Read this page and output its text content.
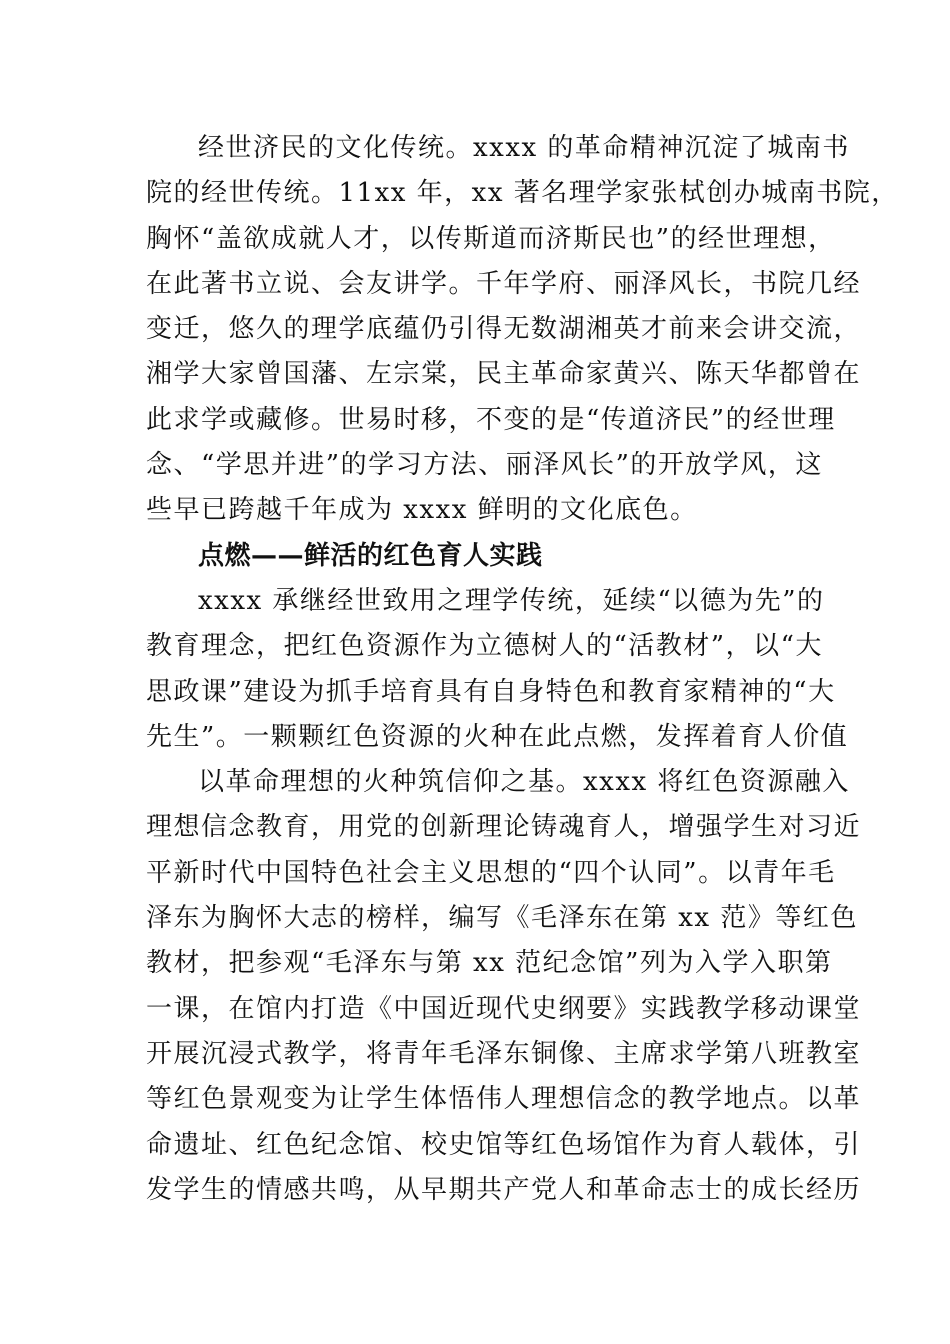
经世济民的文化传统。xxxx 的革命精神沉淀了城南书
院的经世传统。11xx 年，xx 著名理学家张栻创办城南书院，
胸怀“盖欲成就人才，以传斯道而济斯民也”的经世理想，
在此著书立说、会友讲学。千年学府、丽泽风长，书院几经
变迁，悠久的理学底蕴仍引得无数湖湘英才前来会讲交流，
湘学大家曾国藩、左宗棠，民主革命家黄兴、陈天华都曾在
此求学或藏修。世易时移，不变的是“传道济民”的经世理
念、“学思并进”的学习方法、丽泽风长”的开放学风，这
些早已跨越千年成为 xxxx 鲜明的文化底色。
点燃——鲜活的红色育人实践
xxxx 承继经世致用之理学传统，延续“以德为先”的
教育理念，把红色资源作为立德树人的“活教材”，以“大
思政课”建设为抓手培育具有自身特色和教育家精神的“大
先生”。一颗颗红色资源的火种在此点燃，发挥着育人价值
以革命理想的火种筑信仰之基。xxxx 将红色资源融入
理想信念教育，用党的创新理论铸魂育人，增强学生对习近
平新时代中国特色社会主义思想的“四个认同”。以青年毛
泽东为胸怀大志的榜样，编写《毛泽东在第 xx 范》等红色
教材，把参观“毛泽东与第 xx 范纪念馆”列为入学入职第
一课，在馆内打造《中国近现代史纲要》实践教学移动课堂
开展沉浸式教学，将青年毛泽东铜像、主席求学第八班教室
等红色景观变为让学生体悟伟人理想信念的教学地点。以革
命遗址、红色纪念馆、校史馆等红色场馆作为育人载体，引
发学生的情感共鸣，从早期共产党人和革命志士的成长经历
